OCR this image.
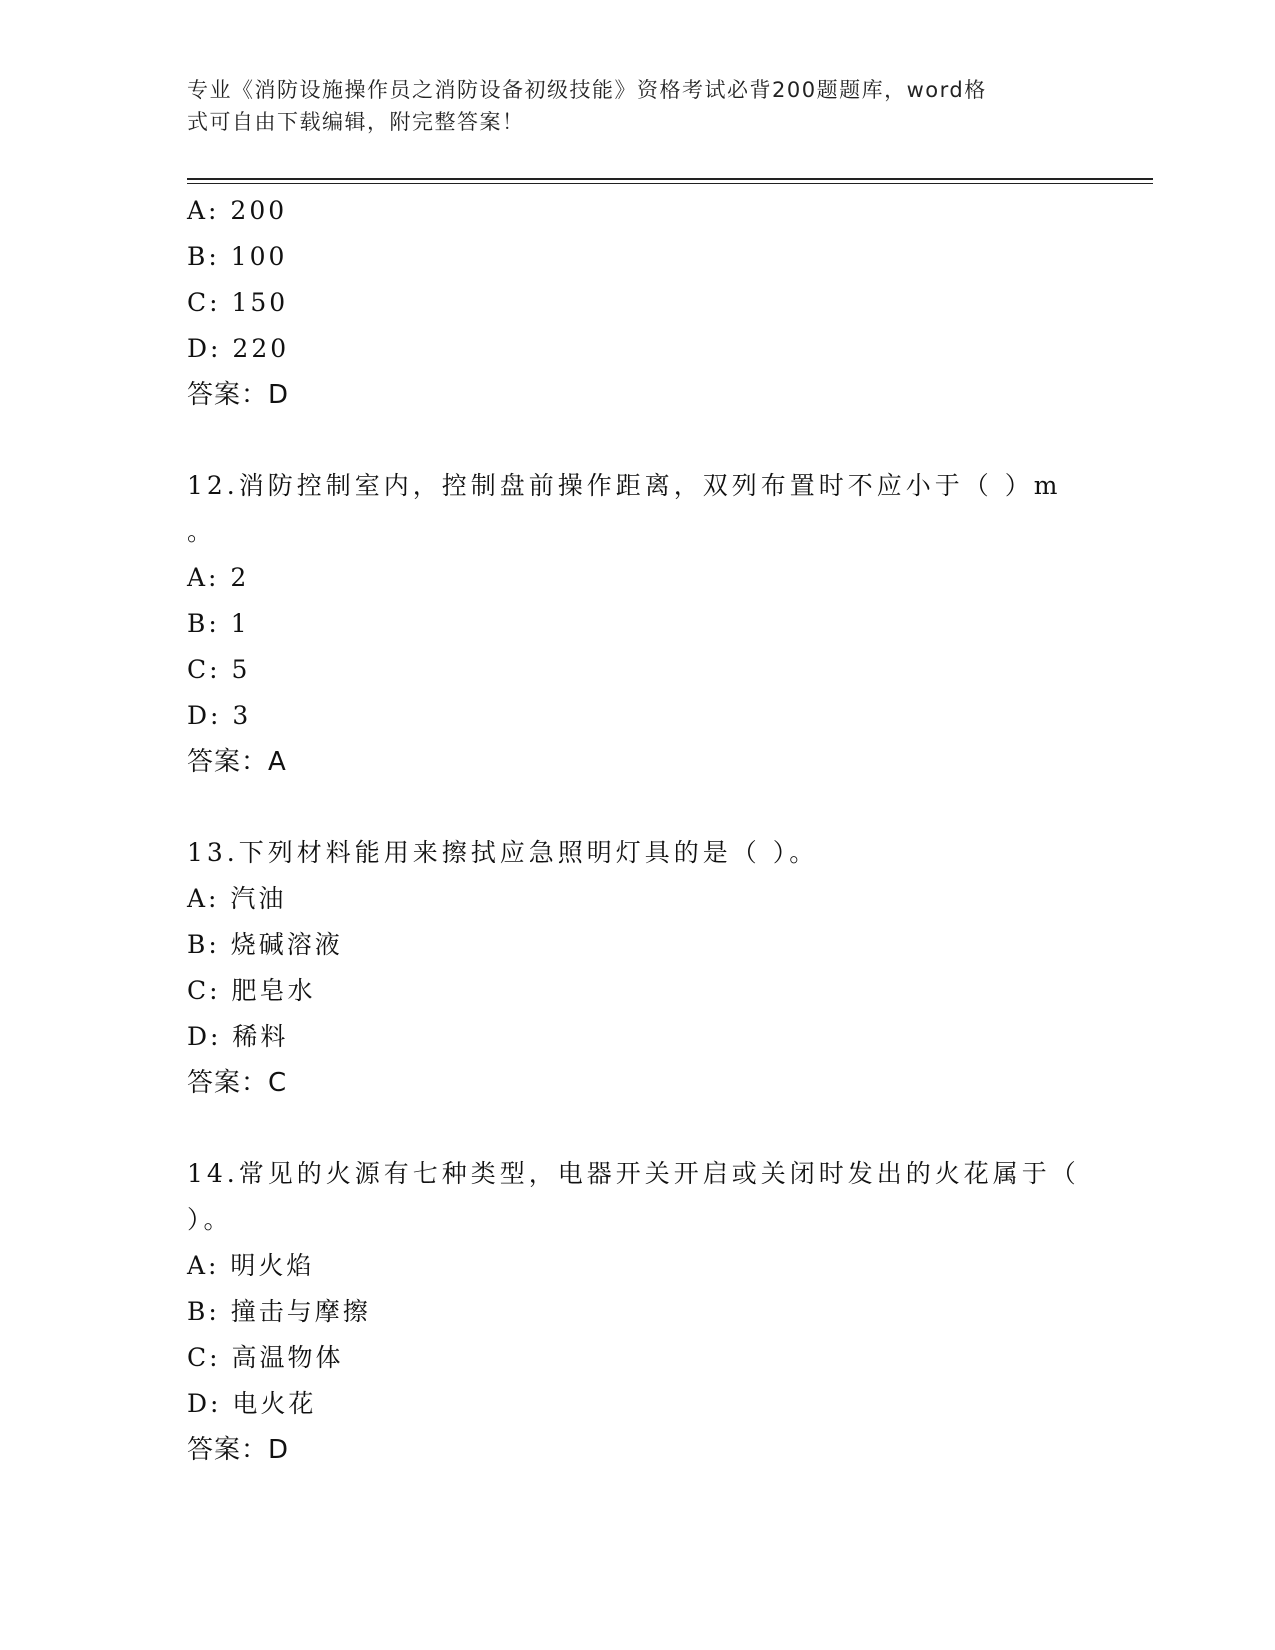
专业《消防设施操作员之消防设备初级技能》资格考试必背200题题库，word格
式可自由下载编辑，附完整答案！
A: 200
B: 100
C: 150
D: 220
答案：D
12.消防控制室内，控制盘前操作距离，双列布置时不应小于（ ）m
。
A: 2
B: 1
C: 5
D: 3
答案：A
13.下列材料能用来擦拭应急照明灯具的是（ ）。
A: 汽油
B: 烧碱溶液
C: 肥皂水
D: 稀料
答案：C
14.常见的火源有七种类型，电器开关开启或关闭时发出的火花属于（
）。
A: 明火焰
B: 撞击与摩擦
C: 高温物体
D: 电火花
答案：D
